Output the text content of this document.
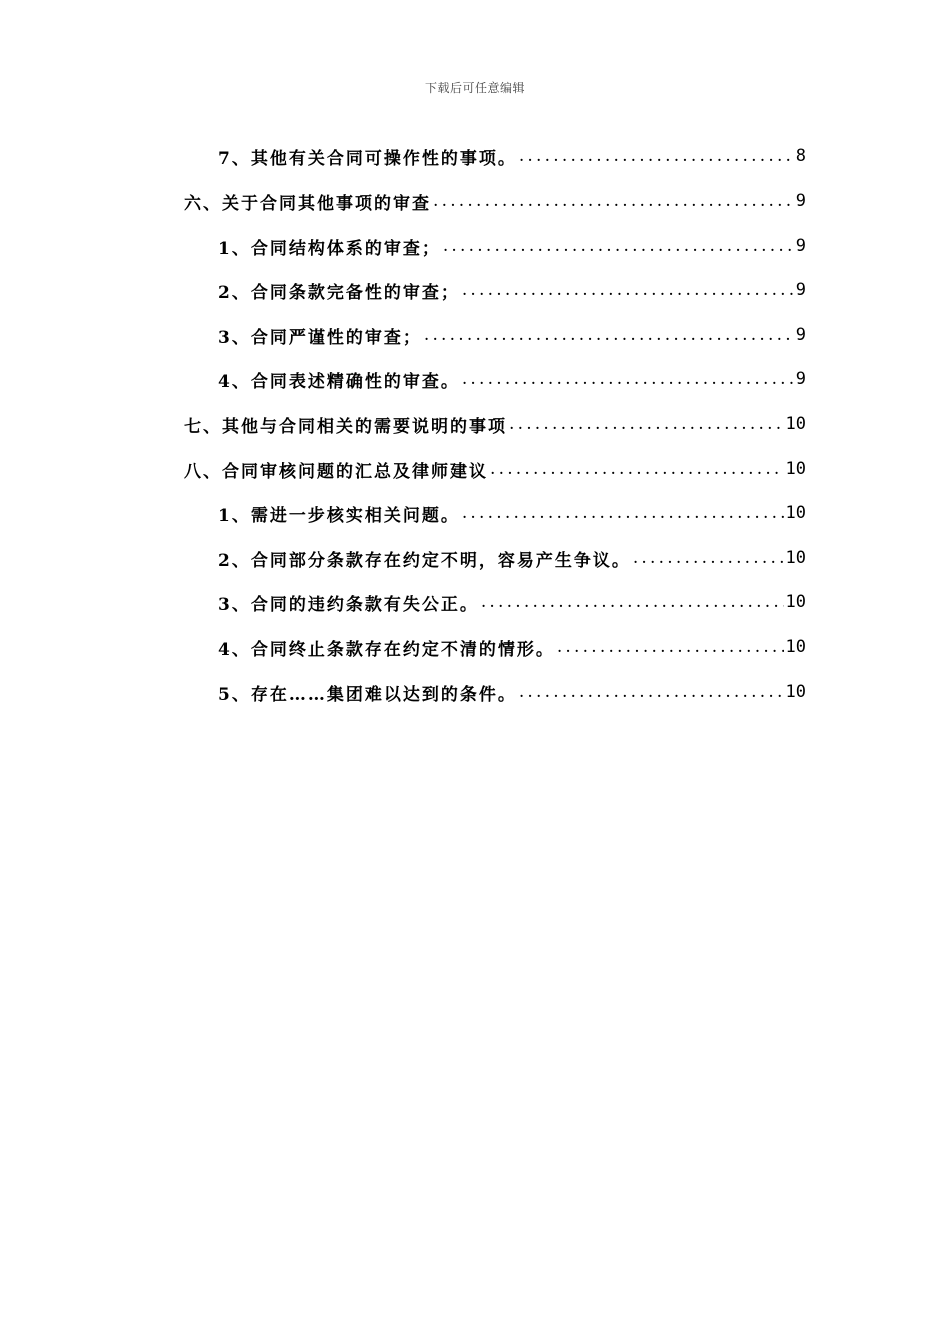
下载后可任意编辑
7、其他有关合同可操作性的事项。 .....	8
六、关于合同其他事项的审查 .....	9
1、合同结构体系的审查； .....	9
2、合同条款完备性的审查； .....	9
3、合同严谨性的审查； .....	9
4、合同表述精确性的审查。 .....	9
七、其他与合同相关的需要说明的事项 .....	10
八、合同审核问题的汇总及律师建议 .....	10
1、需进一步核实相关问题。 .....	10
2、合同部分条款存在约定不明，容易产生争议。 .....	10
3、合同的违约条款有失公正。 .....	10
4、合同终止条款存在约定不清的情形。 .....	10
5、存在……集团难以达到的条件。 .....	10
